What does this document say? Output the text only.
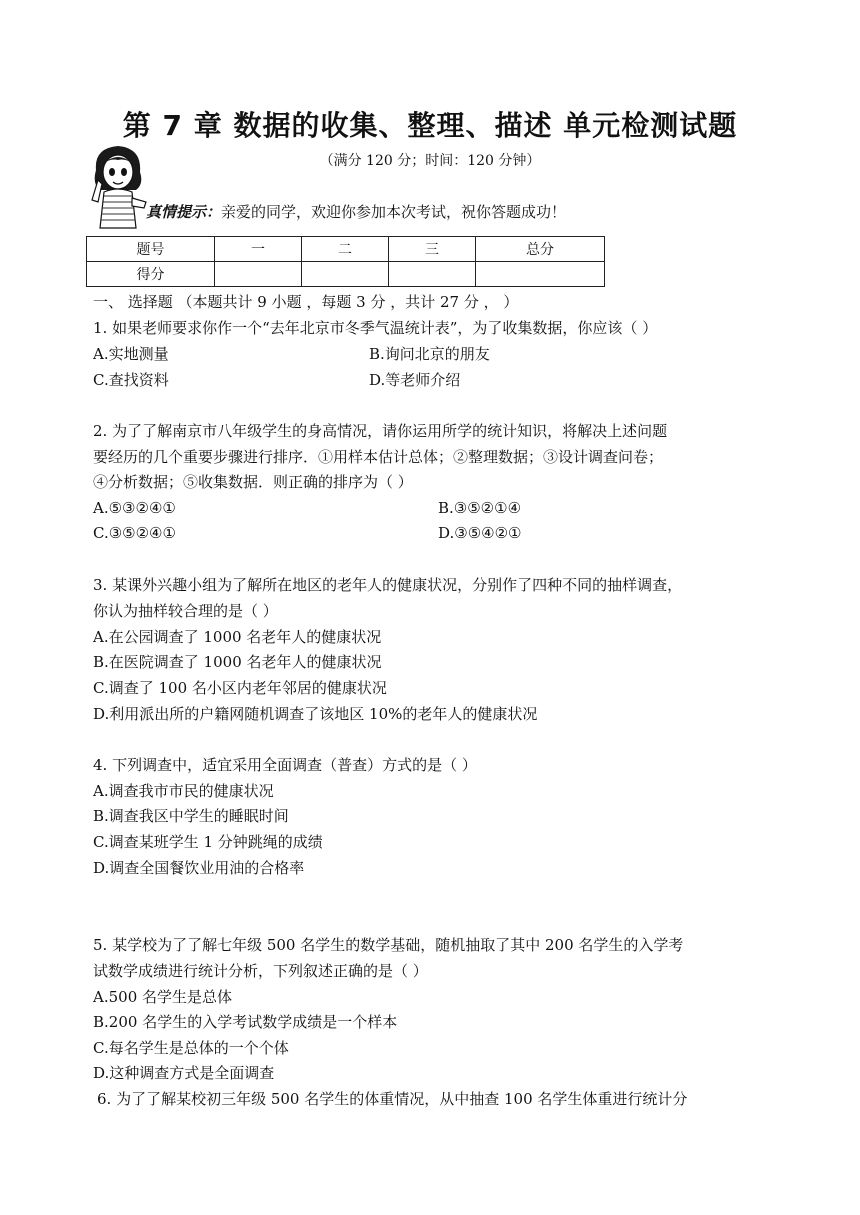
第 7 章 数据的收集、整理、描述 单元检测试题
（满分 120 分；时间：120 分钟）
真情提示：亲爱的同学，欢迎你参加本次考试，祝你答题成功！
题号	一	二	三	总分
得分				
一、 选择题 （本题共计 9 小题 ，每题 3 分 ，共计 27 分 ， ）
1. 如果老师要求你作一个“去年北京市冬季气温统计表”，为了收集数据，你应该（ ）
A.实地测量	B.询问北京的朋友
C.查找资料	D.等老师介绍
2. 为了了解南京市八年级学生的身高情况，请你运用所学的统计知识，将解决上述问题
要经历的几个重要步骤进行排序．①用样本估计总体；②整理数据；③设计调查问卷；
④分析数据；⑤收集数据．则正确的排序为（ ）
A.⑤③②④①	B.③⑤②①④
C.③⑤②④①	D.③⑤④②①
3. 某课外兴趣小组为了解所在地区的老年人的健康状况，分别作了四种不同的抽样调查，
你认为抽样较合理的是（ ）
A.在公园调查了 1000 名老年人的健康状况
B.在医院调查了 1000 名老年人的健康状况
C.调查了 100 名小区内老年邻居的健康状况
D.利用派出所的户籍网随机调查了该地区 10%的老年人的健康状况
4. 下列调查中，适宜采用全面调查（普查）方式的是（ ）
A.调查我市市民的健康状况
B.调查我区中学生的睡眠时间
C.调查某班学生 1 分钟跳绳的成绩
D.调查全国餐饮业用油的合格率
5. 某学校为了了解七年级 500 名学生的数学基础，随机抽取了其中 200 名学生的入学考
试数学成绩进行统计分析，下列叙述正确的是（ ）
A.500 名学生是总体
B.200 名学生的入学考试数学成绩是一个样本
C.每名学生是总体的一个个体
D.这种调查方式是全面调查
6. 为了了解某校初三年级 500 名学生的体重情况，从中抽查 100 名学生体重进行统计分
